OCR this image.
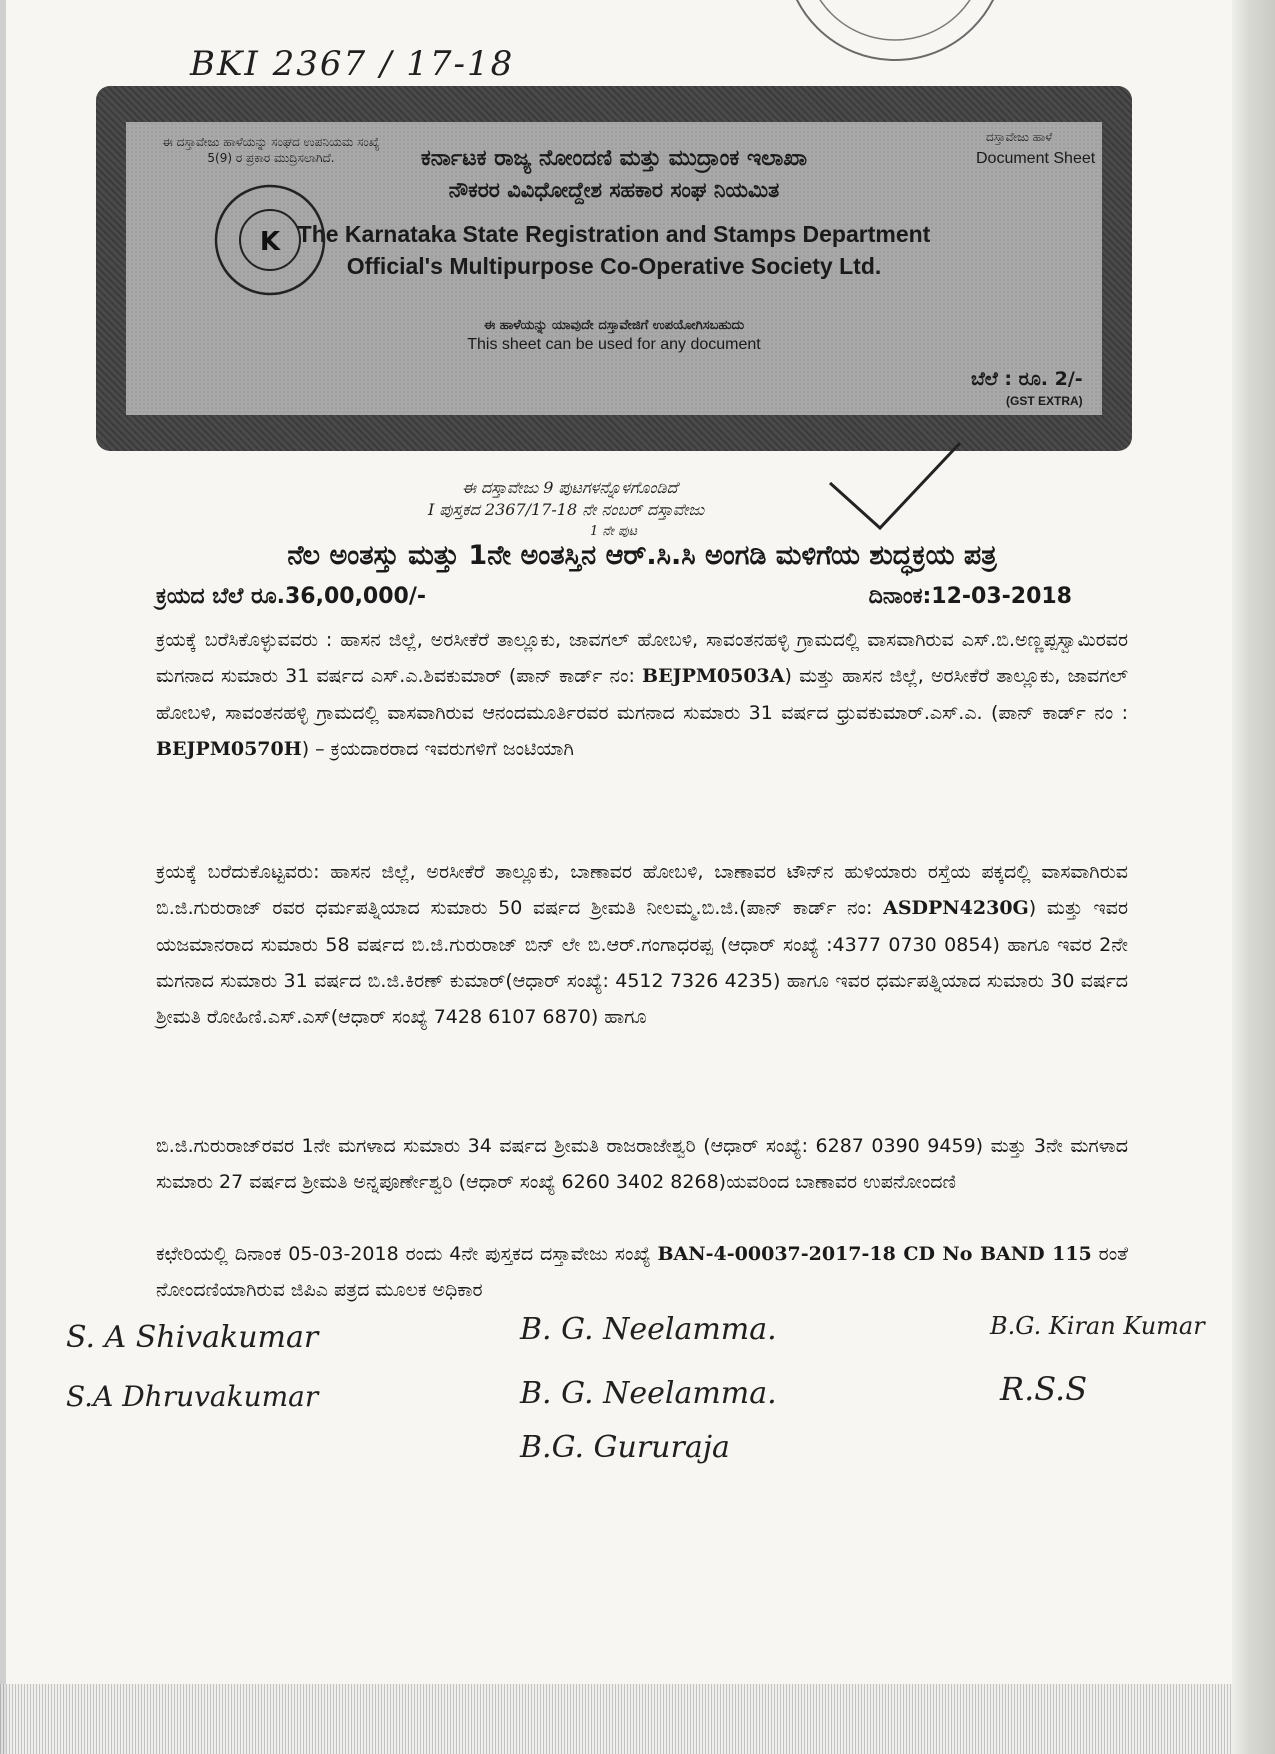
BKI 2367 / 17-18
ಈ ದಸ್ತಾವೇಜು ಹಾಳೆಯನ್ನು ಸಂಘದ ಉಪನಿಯಮ ಸಂಖ್ಯೆ 5(9) ರ ಪ್ರಕಾರ ಮುದ್ರಿಸಲಾಗಿದೆ.	ಕರ್ನಾಟಕ ರಾಜ್ಯ ನೋಂದಣಿ ಮತ್ತು ಮುದ್ರಾಂಕ ಇಲಾಖಾ
ನೌಕರರ ವಿವಿಧೋದ್ದೇಶ ಸಹಕಾರ ಸಂಘ ನಿಯಮಿತ
The Karnataka State Registration and Stamps Department
Official's Multipurpose Co-Operative Society Ltd.
ಈ ಹಾಳೆಯನ್ನು ಯಾವುದೇ ದಸ್ತಾವೇಜಿಗೆ ಉಪಯೋಗಿಸಬಹುದು
This sheet can be used for any document
ದಸ್ತಾವೇಜು ಹಾಳೆ
Document Sheet
ಬೆಲೆ : ರೂ. 2/-
(GST EXTRA)
K
ಈ ದಸ್ತಾವೇಜು 9 ಪುಟಗಳನ್ನೊಳಗೊಂಡಿದೆ
I ಪುಸ್ತಕದ 2367/17-18 ನೇ ನಂಬರ್ ದಸ್ತಾವೇಜು
1 ನೇ ಪುಟ
ನೆಲ ಅಂತಸ್ತು ಮತ್ತು 1ನೇ ಅಂತಸ್ತಿನ ಆರ್.ಸಿ.ಸಿ ಅಂಗಡಿ ಮಳಿಗೆಯ ಶುದ್ಧಕ್ರಯ ಪತ್ರ
ಕ್ರಯದ ಬೆಲೆ ರೂ.36,00,000/-	ದಿನಾಂಕ:12-03-2018

ಕ್ರಯಕ್ಕೆ ಬರೆಸಿಕೊಳ್ಳುವವರು : ಹಾಸನ ಜಿಲ್ಲೆ, ಅರಸೀಕೆರೆ ತಾಲ್ಲೂಕು, ಜಾವಗಲ್ ಹೋಬಳಿ, ಸಾವಂತನಹಳ್ಳಿ ಗ್ರಾಮದಲ್ಲಿ ವಾಸವಾಗಿರುವ ಎಸ್.ಬಿ.ಅಣ್ಣಪ್ಪಸ್ವಾಮಿರವರ ಮಗನಾದ ಸುಮಾರು 31 ವರ್ಷದ ಎಸ್.ಎ.ಶಿವಕುಮಾರ್ (ಪಾನ್ ಕಾರ್ಡ್ ನಂ: BEJPM0503A) ಮತ್ತು ಹಾಸನ ಜಿಲ್ಲೆ, ಅರಸೀಕೆರೆ ತಾಲ್ಲೂಕು, ಜಾವಗಲ್ ಹೋಬಳಿ, ಸಾವಂತನಹಳ್ಳಿ ಗ್ರಾಮದಲ್ಲಿ ವಾಸವಾಗಿರುವ ಆನಂದಮೂರ್ತಿರವರ ಮಗನಾದ ಸುಮಾರು 31 ವರ್ಷದ ಧ್ರುವಕುಮಾರ್.ಎಸ್.ಎ. (ಪಾನ್ ಕಾರ್ಡ್ ನಂ : BEJPM0570H) – ಕ್ರಯದಾರರಾದ ಇವರುಗಳಿಗೆ ಜಂಟಿಯಾಗಿ

ಕ್ರಯಕ್ಕೆ ಬರೆದುಕೊಟ್ಟವರು: ಹಾಸನ ಜಿಲ್ಲೆ, ಅರಸೀಕೆರೆ ತಾಲ್ಲೂಕು, ಬಾಣಾವರ ಹೋಬಳಿ, ಬಾಣಾವರ ಟೌನ್‌ನ ಹುಳಿಯಾರು ರಸ್ತೆಯ ಪಕ್ಕದಲ್ಲಿ ವಾಸವಾಗಿರುವ ಬಿ.ಜಿ.ಗುರುರಾಜ್ ರವರ ಧರ್ಮಪತ್ನಿಯಾದ ಸುಮಾರು 50 ವರ್ಷದ ಶ್ರೀಮತಿ ನೀಲಮ್ಮ.ಬಿ.ಜಿ.(ಪಾನ್ ಕಾರ್ಡ್ ನಂ: ASDPN4230G) ಮತ್ತು ಇವರ ಯಜಮಾನರಾದ ಸುಮಾರು 58 ವರ್ಷದ ಬಿ.ಜಿ.ಗುರುರಾಜ್ ಬಿನ್ ಲೇ ಬಿ.ಆರ್.ಗಂಗಾಧರಪ್ಪ (ಆಧಾರ್ ಸಂಖ್ಯೆ :4377 0730 0854) ಹಾಗೂ ಇವರ 2ನೇ ಮಗನಾದ ಸುಮಾರು 31 ವರ್ಷದ ಬಿ.ಜಿ.ಕಿರಣ್ ಕುಮಾರ್(ಆಧಾರ್ ಸಂಖ್ಯೆ: 4512 7326 4235) ಹಾಗೂ ಇವರ ಧರ್ಮಪತ್ನಿಯಾದ ಸುಮಾರು 30 ವರ್ಷದ ಶ್ರೀಮತಿ ರೋಹಿಣಿ.ಎಸ್.ಎಸ್(ಆಧಾರ್ ಸಂಖ್ಯೆ 7428 6107 6870) ಹಾಗೂ

ಬಿ.ಜಿ.ಗುರುರಾಜ್‌ರವರ 1ನೇ ಮಗಳಾದ ಸುಮಾರು 34 ವರ್ಷದ ಶ್ರೀಮತಿ ರಾಜರಾಜೇಶ್ವರಿ (ಆಧಾರ್ ಸಂಖ್ಯೆ: 6287 0390 9459) ಮತ್ತು 3ನೇ ಮಗಳಾದ ಸುಮಾರು 27 ವರ್ಷದ ಶ್ರೀಮತಿ ಅನ್ನಪೂರ್ಣೇಶ್ವರಿ (ಆಧಾರ್ ಸಂಖ್ಯೆ 6260 3402 8268)ಯವರಿಂದ ಬಾಣಾವರ ಉಪನೋಂದಣಿ

ಕಛೇರಿಯಲ್ಲಿ ದಿನಾಂಕ 05-03-2018 ರಂದು 4ನೇ ಪುಸ್ತಕದ ದಸ್ತಾವೇಜು ಸಂಖ್ಯೆ BAN-4-00037-2017-18 CD No BAND 115 ರಂತೆ ನೋಂದಣಿಯಾಗಿರುವ ಜಿಪಿಎ ಪತ್ರದ ಮೂಲಕ ಅಧಿಕಾರ

S. A Shivakumar	B. G. Neelamma.	B.G. Kiran Kumar
S.A Dhruvakumar	B. G. Neelamma.	R.S.S
B.G. Gururaja
